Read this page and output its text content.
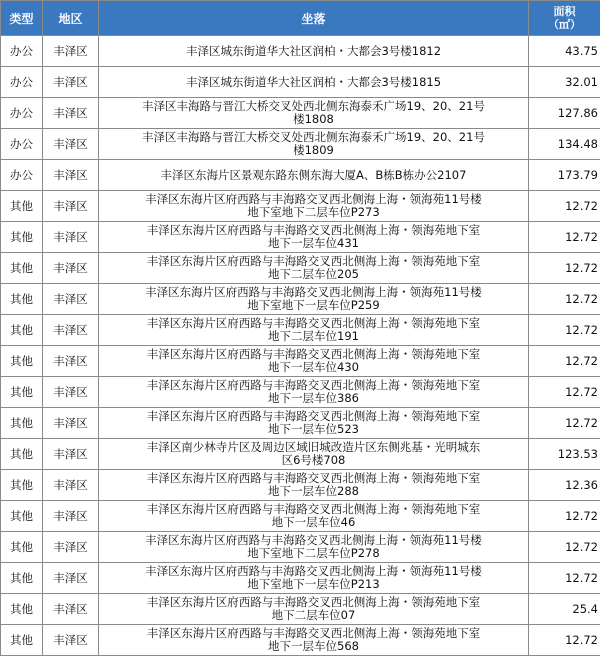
类型	地区	坐落	面积
（㎡）

办公	丰泽区	丰泽区城东街道华大社区润柏・大都会3号楼1812	43.75
办公	丰泽区	丰泽区城东街道华大社区润柏・大都会3号楼1815	32.01
办公	丰泽区	丰泽区丰海路与晋江大桥交叉处西北侧东海泰禾广场19、20、21号
楼1808	127.86
办公	丰泽区	丰泽区丰海路与晋江大桥交叉处西北侧东海泰禾广场19、20、21号
楼1809	134.48
办公	丰泽区	丰泽区东海片区景观东路东侧东海大厦A、B栋B栋办公2107	173.79
其他	丰泽区	丰泽区东海片区府西路与丰海路交叉西北侧海上海・领海苑11号楼
地下室地下二层车位P273	12.72
其他	丰泽区	丰泽区东海片区府西路与丰海路交叉西北侧海上海・领海苑地下室
地下一层车位431	12.72
其他	丰泽区	丰泽区东海片区府西路与丰海路交叉西北侧海上海・领海苑地下室
地下二层车位205	12.72
其他	丰泽区	丰泽区东海片区府西路与丰海路交叉西北侧海上海・领海苑11号楼
地下室地下一层车位P259	12.72
其他	丰泽区	丰泽区东海片区府西路与丰海路交叉西北侧海上海・领海苑地下室
地下二层车位191	12.72
其他	丰泽区	丰泽区东海片区府西路与丰海路交叉西北侧海上海・领海苑地下室
地下一层车位430	12.72
其他	丰泽区	丰泽区东海片区府西路与丰海路交叉西北侧海上海・领海苑地下室
地下一层车位386	12.72
其他	丰泽区	丰泽区东海片区府西路与丰海路交叉西北侧海上海・领海苑地下室
地下一层车位523	12.72
其他	丰泽区	丰泽区南少林寺片区及周边区域旧城改造片区东侧兆基・光明城东
区6号楼708	123.53
其他	丰泽区	丰泽区东海片区府西路与丰海路交叉西北侧海上海・领海苑地下室
地下一层车位288	12.36
其他	丰泽区	丰泽区东海片区府西路与丰海路交叉西北侧海上海・领海苑地下室
地下一层车位46	12.72
其他	丰泽区	丰泽区东海片区府西路与丰海路交叉西北侧海上海・领海苑11号楼
地下室地下二层车位P278	12.72
其他	丰泽区	丰泽区东海片区府西路与丰海路交叉西北侧海上海・领海苑11号楼
地下室地下一层车位P213	12.72
其他	丰泽区	丰泽区东海片区府西路与丰海路交叉西北侧海上海・领海苑地下室
地下二层车位07	25.4
其他	丰泽区	丰泽区东海片区府西路与丰海路交叉西北侧海上海・领海苑地下室
地下一层车位568	12.72
